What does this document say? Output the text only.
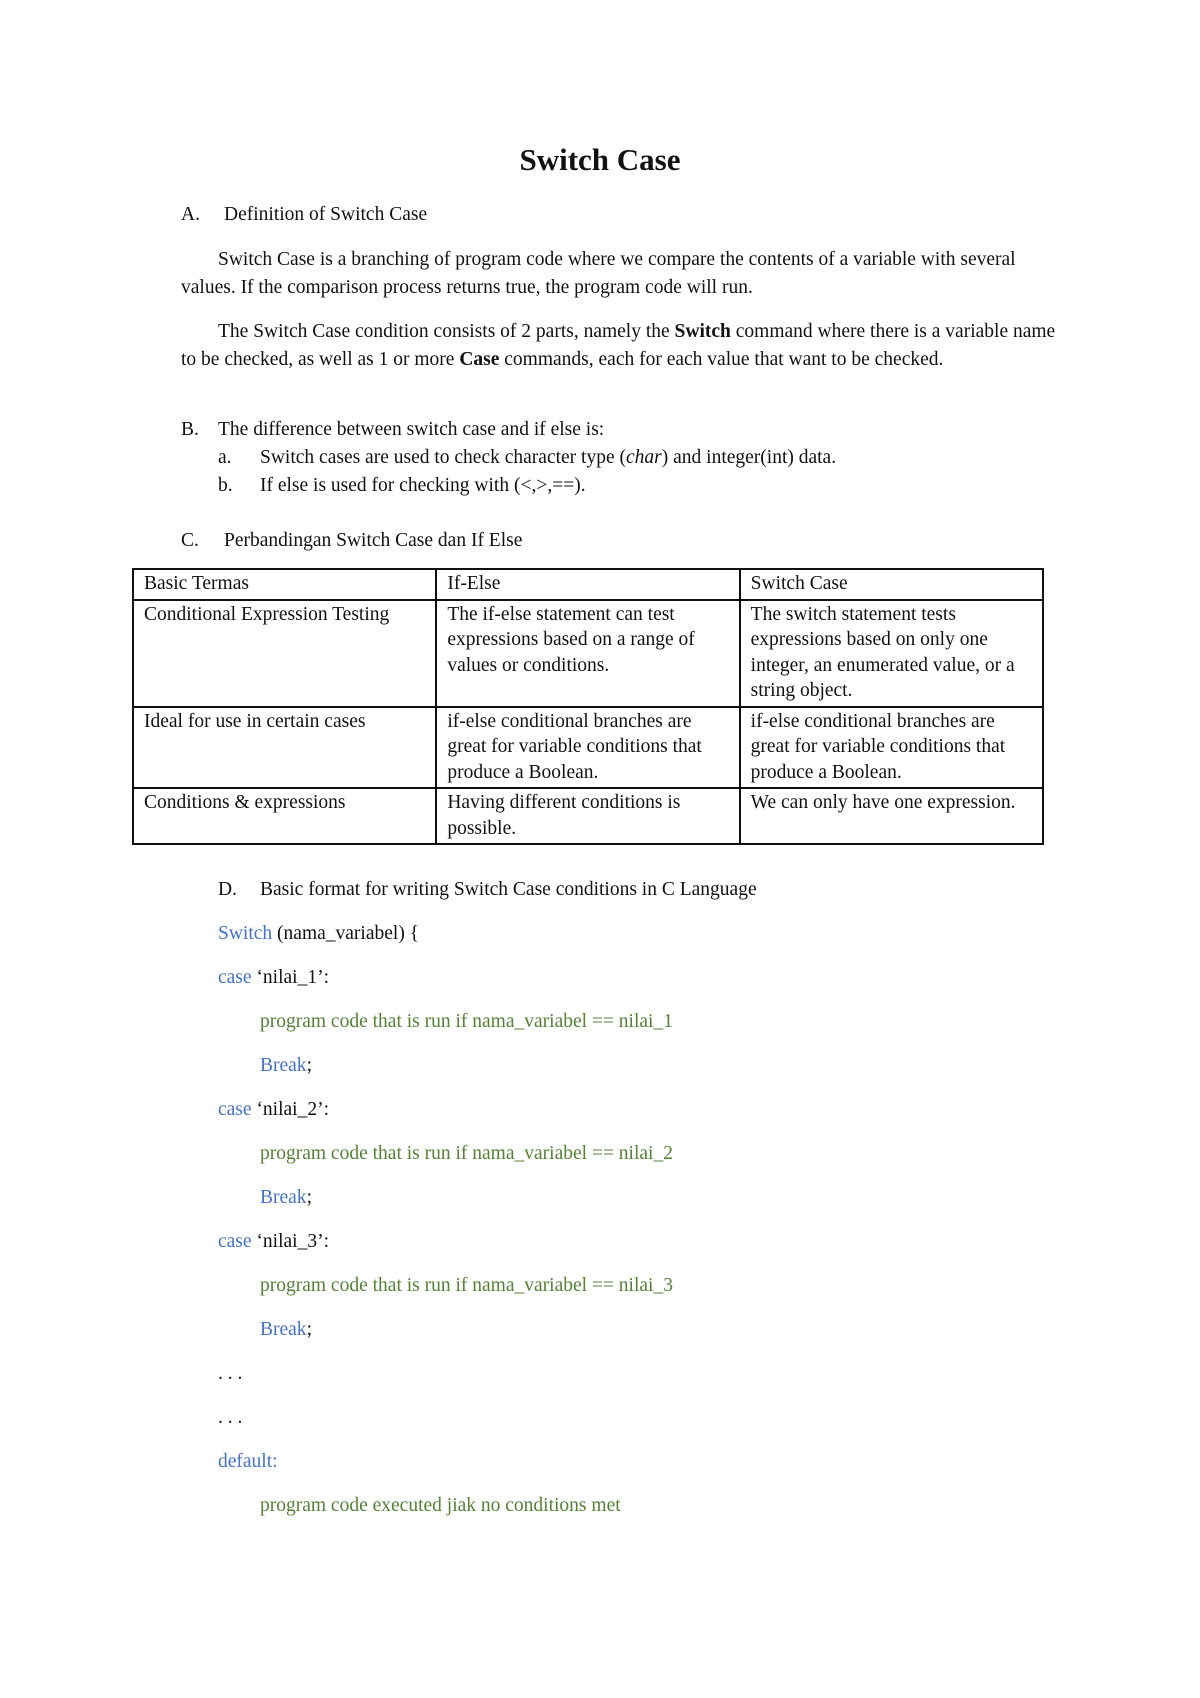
Switch Case
A. Definition of Switch Case
Switch Case is a branching of program code where we compare the contents of a variable with several values. If the comparison process returns true, the program code will run.
The Switch Case condition consists of 2 parts, namely the Switch command where there is a variable name to be checked, as well as 1 or more Case commands, each for each value that want to be checked.
B. The difference between switch case and if else is:
a. Switch cases are used to check character type (char) and integer(int) data.
b. If else is used for checking with (<,>,==).
C. Perbandingan Switch Case dan If Else
Basic Termas	If-Else	Switch Case
Conditional Expression Testing	The if-else statement can test expressions based on a range of values or conditions.	The switch statement tests expressions based on only one integer, an enumerated value, or a string object.
Ideal for use in certain cases	if-else conditional branches are great for variable conditions that produce a Boolean.	if-else conditional branches are great for variable conditions that produce a Boolean.
Conditions & expressions	Having different conditions is possible.	We can only have one expression.
D. Basic format for writing Switch Case conditions in C Language
Switch (nama_variabel) {
case ‘nilai_1’:
program code that is run if nama_variabel == nilai_1
Break;
case ‘nilai_2’:
program code that is run if nama_variabel == nilai_2
Break;
case ‘nilai_3’:
program code that is run if nama_variabel == nilai_3
Break;
. . .
. . .
default:
program code executed jiak no conditions met
